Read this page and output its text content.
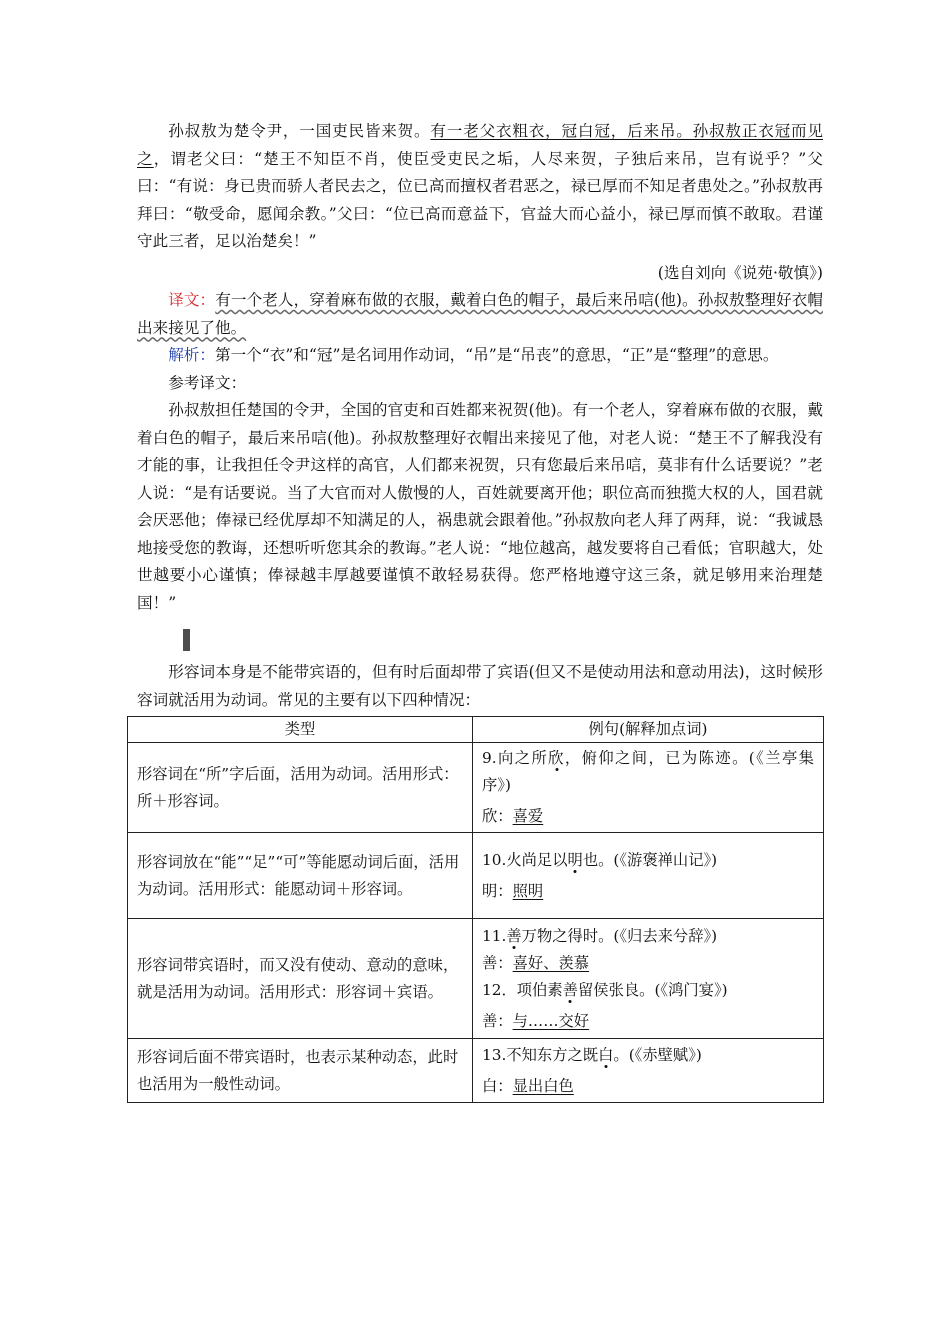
孙叔敖为楚令尹，一国吏民皆来贺。有一老父衣粗衣，冠白冠，后来吊。孙叔敖正衣冠而见之，谓老父曰：“楚王不知臣不肖，使臣受吏民之垢，人尽来贺，子独后来吊，岂有说乎？”父曰：“有说：身已贵而骄人者民去之，位已高而擅权者君恶之，禄已厚而不知足者患处之。”孙叔敖再拜曰：“敬受命，愿闻余教。”父曰：“位已高而意益下，官益大而心益小，禄已厚而慎不敢取。君谨守此三者，足以治楚矣！”

(选自刘向《说苑·敬慎》)

译文：有一个老人，穿着麻布做的衣服，戴着白色的帽子，最后来吊唁(他)。孙叔敖整理好衣帽出来接见了他。

解析：第一个“衣”和“冠”是名词用作动词，“吊”是“吊丧”的意思，“正”是“整理”的意思。

参考译文：

孙叔敖担任楚国的令尹，全国的官吏和百姓都来祝贺(他)。有一个老人，穿着麻布做的衣服，戴着白色的帽子，最后来吊唁(他)。孙叔敖整理好衣帽出来接见了他，对老人说：“楚王不了解我没有才能的事，让我担任令尹这样的高官，人们都来祝贺，只有您最后来吊唁，莫非有什么话要说？”老人说：“是有话要说。当了大官而对人傲慢的人，百姓就要离开他；职位高而独揽大权的人，国君就会厌恶他；俸禄已经优厚却不知满足的人，祸患就会跟着他。”孙叔敖向老人拜了两拜，说：“我诚恳地接受您的教诲，还想听听您其余的教诲。”老人说：“地位越高，越发要将自己看低；官职越大，处世越要小心谨慎；俸禄越丰厚越要谨慎不敢轻易获得。您严格地遵守这三条，就足够用来治理楚国！”

形容词本身是不能带宾语的，但有时后面却带了宾语(但又不是使动用法和意动用法)，这时候形容词就活用为动词。常见的主要有以下四种情况：

类型	例句(解释加点词)
形容词在“所”字后面，活用为动词。活用形式：所＋形容词。	9.向之所欣，俯仰之间，已为陈迹。(《兰亭集序》)

欣：喜爱

形容词放在“能”“足”“可”等能愿动词后面，活用为动词。活用形式：能愿动词＋形容词。	10.火尚足以明也。(《游褒禅山记》)

明：照明

形容词带宾语时，而又没有使动、意动的意味，就是活用为动词。活用形式：形容词＋宾语。	11.善万物之得时。(《归去来兮辞》)

善：喜好、羡慕

12．项伯素善留侯张良。(《鸿门宴》)

善：与……交好

形容词后面不带宾语时，也表示某种动态，此时也活用为一般性动词。	13.不知东方之既白。(《赤壁赋》)

白：显出白色
